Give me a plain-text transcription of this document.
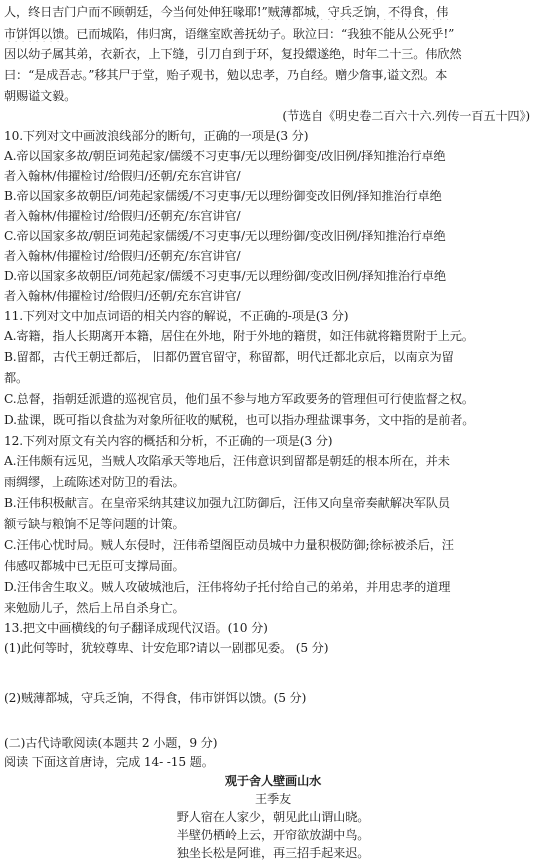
人，终日吉门户而不顾朝廷，今当何处伸狂喙耶!”贼薄都城，守兵乏饷，不得食，伟
市饼饵以馈。已而城陷，伟归寓，语继室欧善抚幼子。耿泣曰：“我独不能从公死乎!”
因以幼子属其弟，衣新衣，上下缝，引刀自到于环，复投繯遂绝，时年二十三。伟欣然
曰：“是成吾志。”移其尸于堂，贻子观书，勉以忠孝，乃自经。赠少詹事,谥文烈。本
朝赐谥文毅。
(节选自《明史卷二百六十六.列传一百五十四》)
10.下列对文中画波浪线部分的断句，正确的一项是(3 分)
A.帝以国家多故/朝臣词苑起家/儒缓不习吏事/无以理纷御变/改旧例/择知推治行卓绝
者入翰林/伟擢检讨/给假归/还朝/充东宫讲官/
B.帝以国家多故朝臣/词苑起家儒缓/不习吏事/无以理纷御变改旧例/择知推治行卓绝
者入翰林/伟擢检讨/给假归/还朝充/东宫讲官/
C.帝以国家多故/朝臣词苑起家儒缓/不习吏事/无以理纷御/变改旧例/择知推治行卓绝
者入翰林/伟擢检讨/给假归/还朝充/东宫讲官/
D.帝以国家多故朝臣/词苑起家/儒缓不习吏事/无以理纷御/变改旧例/择知推治行卓绝
者入翰林/伟擢检讨/给假归/还朝/充东宫讲官/
11.下列对文中加点词语的相关内容的解说，不正确的-项是(3 分)
A.寄籍，指人长期离开本籍，居住在外地，附于外地的籍贯，如汪伟就将籍贯附于上元。
B.留都，古代王朝迁都后， 旧都仍置官留守，称留都，明代迁都北京后，以南京为留
都。
C.总督，指朝廷派遣的巡视官员，他们虽不参与地方军政要务的管理但可行使监督之权。
D.盐课，既可指以食盐为对象所征收的赋税，也可以指办理盐课事务，文中指的是前者。
12.下列对原文有关内容的概括和分析，不正确的一项是(3 分)
A.汪伟颇有远见，当贼人攻陷承天等地后，汪伟意识到留都是朝廷的根本所在，并未
雨绸缪，上疏陈述对防卫的看法。
B.汪伟积极献言。在皇帝采纳其建议加强九江防御后，汪伟又向皇帝奏献解决军队员
额亏缺与粮饷不足等问题的计策。
C.汪伟心忧时局。贼人东侵时，汪伟希望阁臣动员城中力量积极防御;徐标被杀后，汪
伟感叹都城中已无臣可支撑局面。
D.汪伟舍生取义。贼人攻破城池后，汪伟将幼子托付给自己的弟弟，并用忠孝的道理
来勉励儿子，然后上吊自杀身亡。
13.把文中画横线的句子翻译成现代汉语。(10 分)
(1)此何等时，犹较尊卑、计安危耶?请以一剧郡见委。 (5 分)
(2)贼薄都城，守兵乏饷，不得食，伟市饼饵以馈。(5 分)
(二)古代诗歌阅读(本题共 2 小题，9 分)
阅读 下面这首唐诗，完成 14- -15 题。
观于舍人壁画山水
王季友
野人宿在人家少，朝见此山谓山晓。
半壁仍栖岭上云，开帘欲放湖中鸟。
独坐长松是阿谁，再三招手起来迟。
